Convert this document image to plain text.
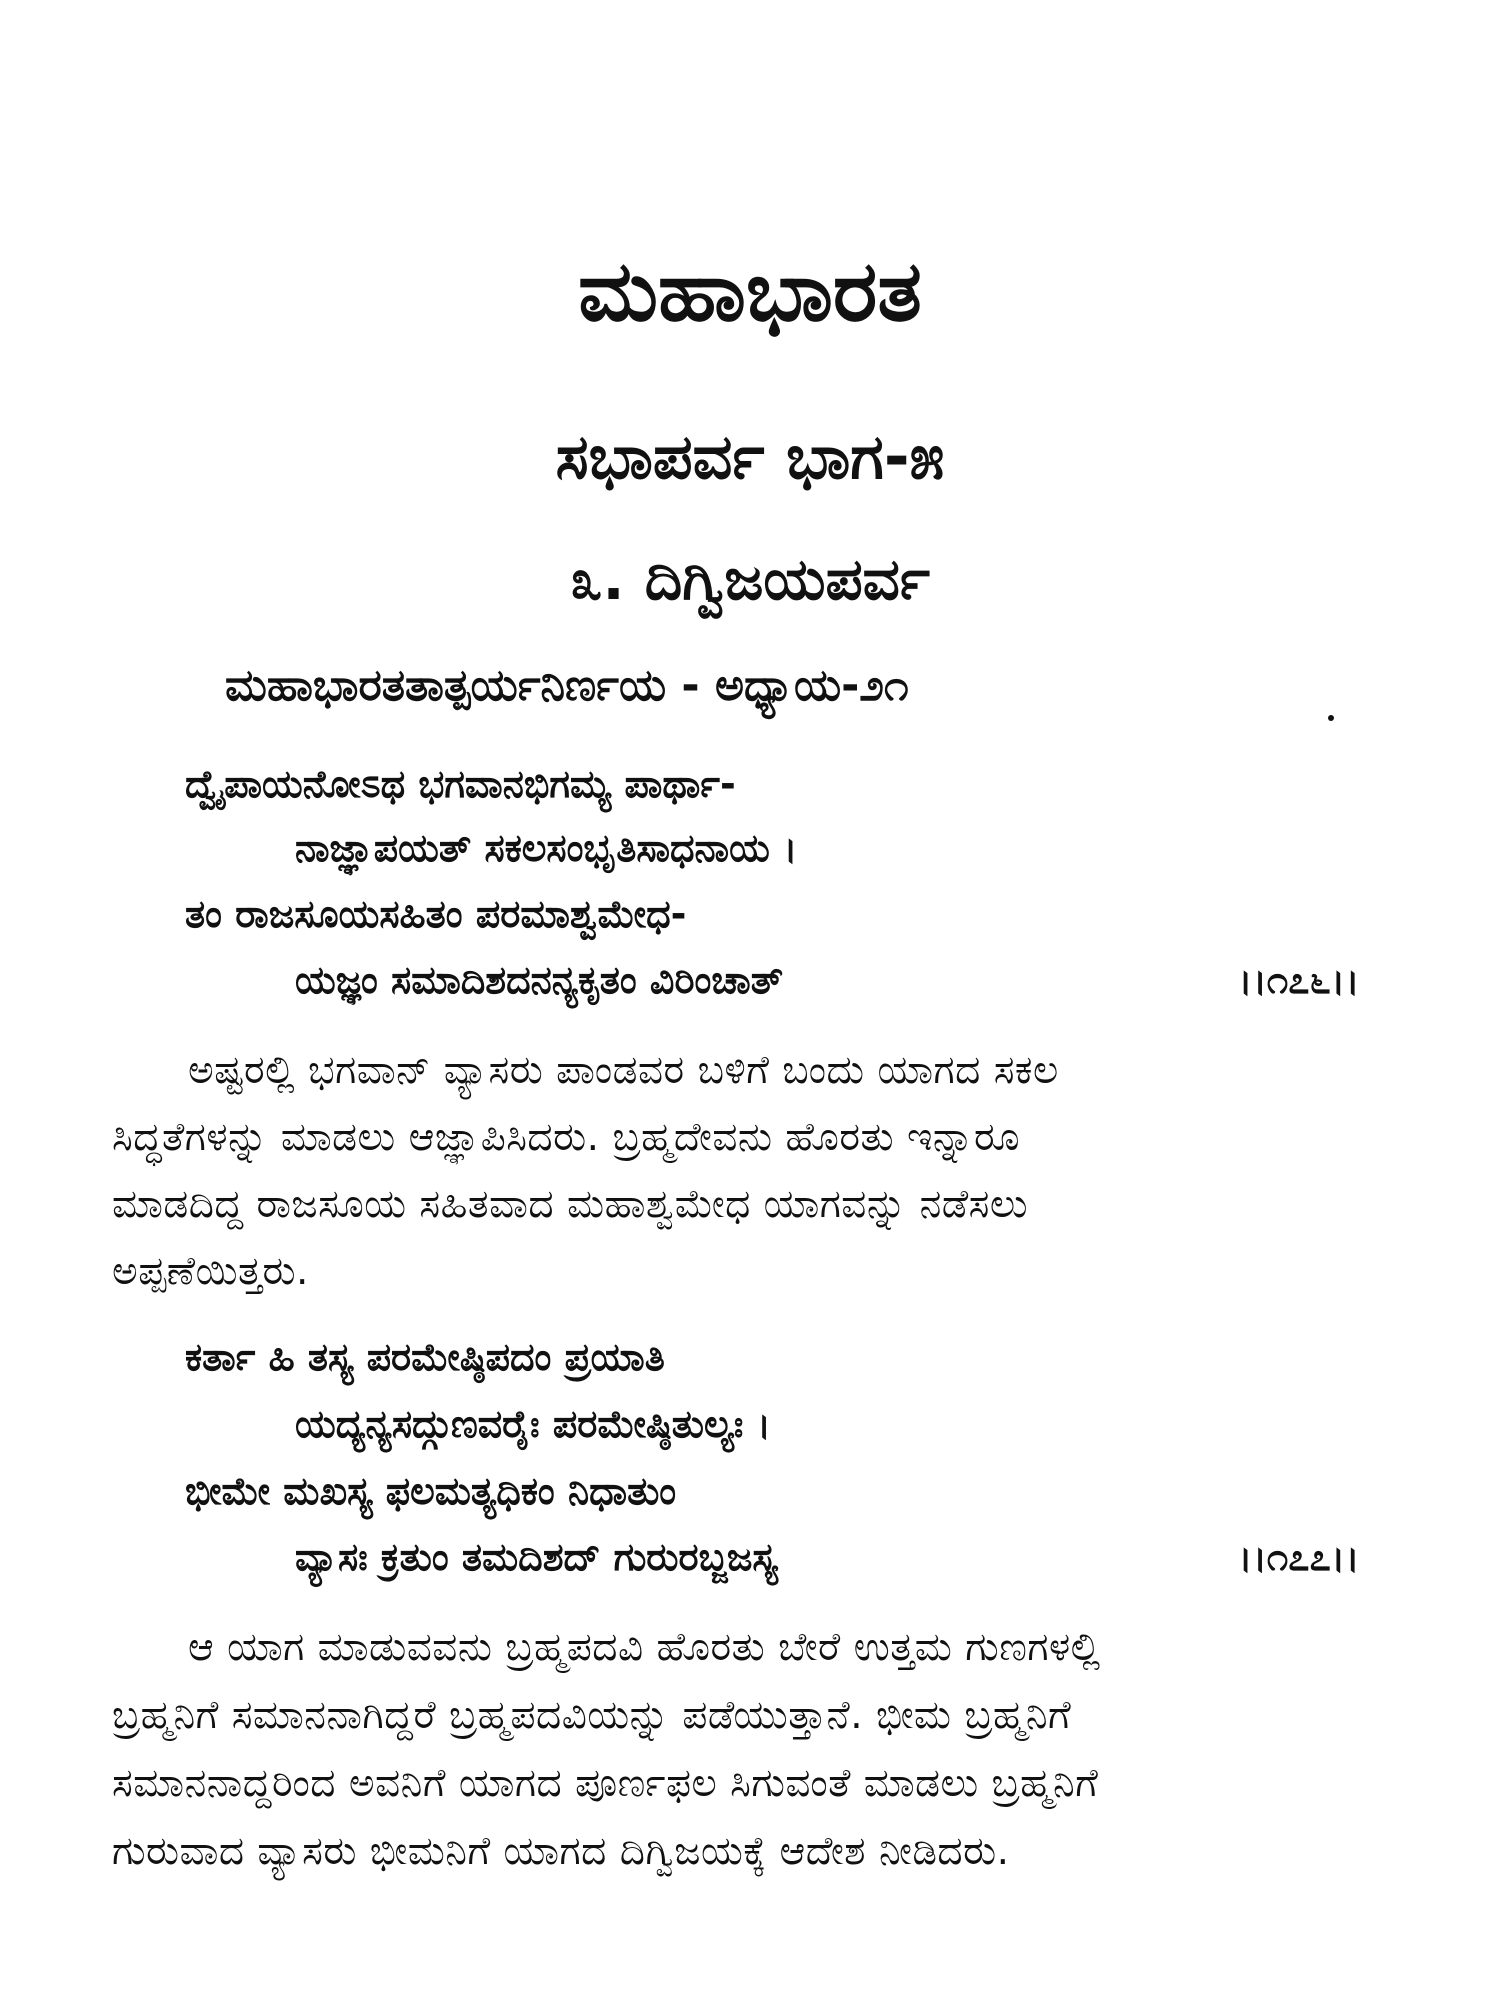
ಮಹಾಭಾರತ
ಸಭಾಪರ್ವ ಭಾಗ-೫
೩. ದಿಗ್ವಿಜಯಪರ್ವ
ಮಹಾಭಾರತತಾತ್ಪರ್ಯನಿರ್ಣಯ - ಅಧ್ಯಾಯ-೨೧
ದ್ವೈಪಾಯನೋಽಥ ಭಗವಾನಭಿಗಮ್ಯ ಪಾರ್ಥಾ-
ನಾಜ್ಞಾಪಯತ್ ಸಕಲಸಂಭೃತಿಸಾಧನಾಯ ।
ತಂ ರಾಜಸೂಯಸಹಿತಂ ಪರಮಾಶ್ವಮೇಧ-
ಯಜ್ಞಂ ಸಮಾದಿಶದನನ್ಯಕೃತಂ ವಿರಿಂಚಾತ್	।।೧೭೬।।
ಅಷ್ಟರಲ್ಲಿ ಭಗವಾನ್ ವ್ಯಾಸರು ಪಾಂಡವರ ಬಳಿಗೆ ಬಂದು ಯಾಗದ ಸಕಲ
ಸಿದ್ಧತೆಗಳನ್ನು ಮಾಡಲು ಆಜ್ಞಾಪಿಸಿದರು. ಬ್ರಹ್ಮದೇವನು ಹೊರತು ಇನ್ನಾರೂ
ಮಾಡದಿದ್ದ ರಾಜಸೂಯ ಸಹಿತವಾದ ಮಹಾಶ್ವಮೇಧ ಯಾಗವನ್ನು ನಡೆಸಲು
ಅಪ್ಪಣೆಯಿತ್ತರು.
ಕರ್ತಾ ಹಿ ತಸ್ಯ ಪರಮೇಷ್ಠಿಪದಂ ಪ್ರಯಾತಿ
ಯದ್ಯನ್ಯಸದ್ಗುಣವರೈಃ ಪರಮೇಷ್ಠಿತುಲ್ಯಃ ।
ಭೀಮೇ ಮಖಸ್ಯ ಫಲಮತ್ಯಧಿಕಂ ನಿಧಾತುಂ
ವ್ಯಾಸಃ ಕ್ರತುಂ ತಮದಿಶದ್ ಗುರುರಬ್ಜಜಸ್ಯ	।।೧೭೭।।
ಆ ಯಾಗ ಮಾಡುವವನು ಬ್ರಹ್ಮಪದವಿ ಹೊರತು ಬೇರೆ ಉತ್ತಮ ಗುಣಗಳಲ್ಲಿ
ಬ್ರಹ್ಮನಿಗೆ ಸಮಾನನಾಗಿದ್ದರೆ ಬ್ರಹ್ಮಪದವಿಯನ್ನು ಪಡೆಯುತ್ತಾನೆ. ಭೀಮ ಬ್ರಹ್ಮನಿಗೆ
ಸಮಾನನಾದ್ದರಿಂದ ಅವನಿಗೆ ಯಾಗದ ಪೂರ್ಣಫಲ ಸಿಗುವಂತೆ ಮಾಡಲು ಬ್ರಹ್ಮನಿಗೆ
ಗುರುವಾದ ವ್ಯಾಸರು ಭೀಮನಿಗೆ ಯಾಗದ ದಿಗ್ವಿಜಯಕ್ಕೆ ಆದೇಶ ನೀಡಿದರು.
